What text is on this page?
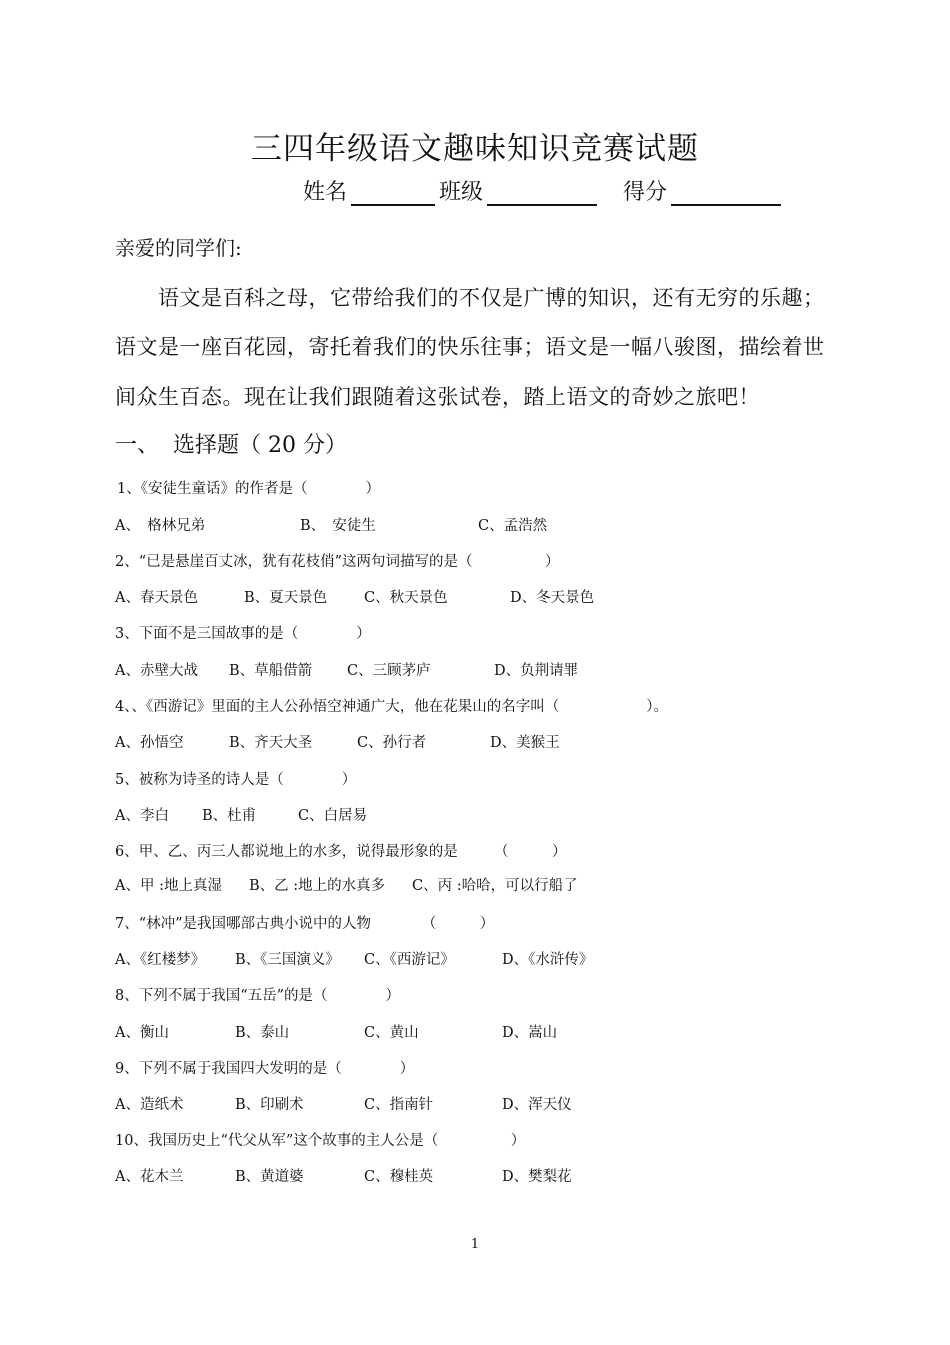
三四年级语文趣味知识竞赛试题
姓名	班级	得分
亲爱的同学们:
语文是百科之母，它带给我们的不仅是广博的知识，还有无穷的乐趣；
语文是一座百花园，寄托着我们的快乐往事；语文是一幅八骏图，描绘着世
间众生百态。现在让我们跟随着这张试卷，踏上语文的奇妙之旅吧！
一、 选择题（ 20 分）
1、《安徒生童话》的作者是（　　　　）
A、　格林兄弟	B、　安徒生	C、孟浩然
2、“已是悬崖百丈冰，犹有花枝俏”这两句词描写的是（　　　　　）
A、春天景色	B、夏天景色	C、秋天景色	D、冬天景色
3、下面不是三国故事的是（　　　　）
A、赤壁大战 B、草船借箭 C、三顾茅庐	D、负荆请罪
4、、《西游记》里面的主人公孙悟空神通广大，他在花果山的名字叫（　　　　　　）。
A、孙悟空	B、齐天大圣	C、孙行者	D、美猴王
5、被称为诗圣的诗人是（　　　　）
A、李白 B、杜甫	C、白居易
6、甲、乙、丙三人都说地上的水多，说得最形象的是　　　（　　　）
A、甲 :地上真湿 B、乙 :地上的水真多 C、丙 :哈哈，可以行船了
7、“林冲”是我国哪部古典小说中的人物　　　　（　　　）
A、《红楼梦》 B、《三国演义》 C、《西游记》	D、《水浒传》
8、下列不属于我国“五岳”的是（　　　　）
A、衡山	B、泰山	C、黄山	D、嵩山
9、下列不属于我国四大发明的是（　　　　）
A、造纸术	B、印刷术	C、指南针	D、浑天仪
10、我国历史上“代父从军”这个故事的主人公是（　　　　　）
A、花木兰	B、黄道婆	C、穆桂英	D、樊梨花
1
